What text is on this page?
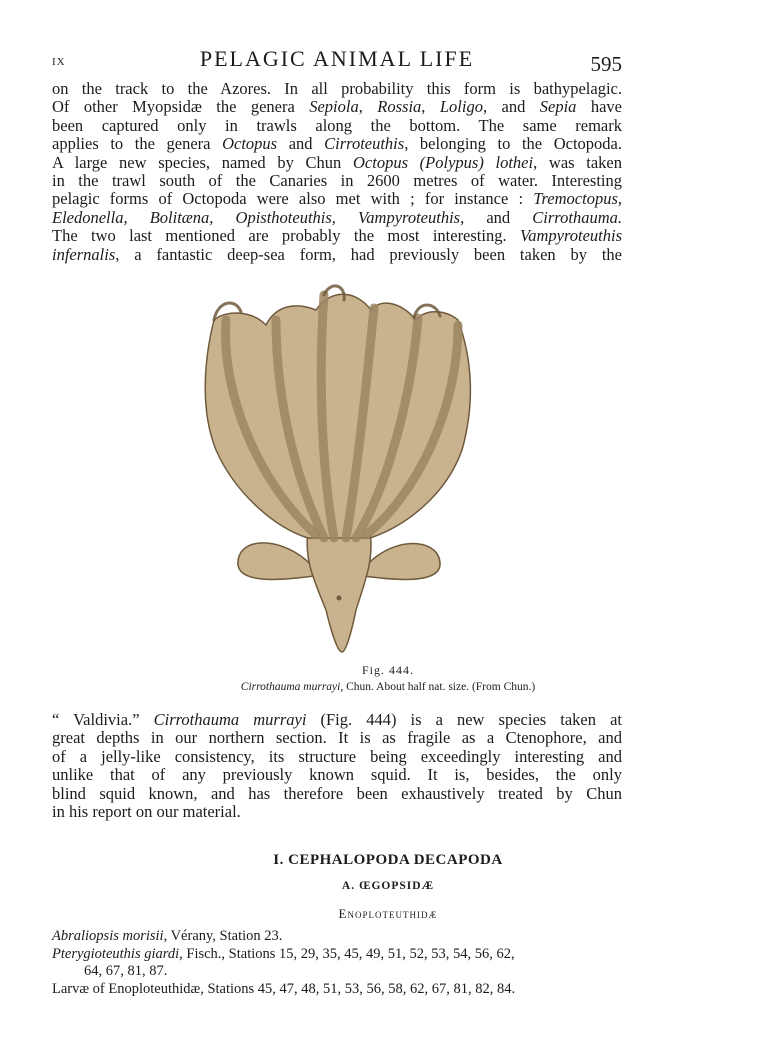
IX	PELAGIC ANIMAL LIFE	595
on the track to the Azores. In all probability this form is bathypelagic.
Of other Myopsidæ the genera Sepiola, Rossia, Loligo, and Sepia have
been captured only in trawls along the bottom. The same remark
applies to the genera Octopus and Cirroteuthis, belonging to the Octopoda.
A large new species, named by Chun Octopus (Polypus) lothei, was taken
in the trawl south of the Canaries in 2600 metres of water. Interesting
pelagic forms of Octopoda were also met with ; for instance : Tremoctopus,
Eledonella, Bolitæna, Opisthoteuthis, Vampyroteuthis, and Cirrothauma.
The two last mentioned are probably the most interesting. Vampyroteuthis
infernalis, a fantastic deep-sea form, had previously been taken by the
Fig. 444.
Cirrothauma murrayi, Chun. About half nat. size. (From Chun.)
“ Valdivia.” Cirrothauma murrayi (Fig. 444) is a new species taken at
great depths in our northern section. It is as fragile as a Ctenophore, and
of a jelly-like consistency, its structure being exceedingly interesting and
unlike that of any previously known squid. It is, besides, the only
blind squid known, and has therefore been exhaustively treated by Chun
in his report on our material.
I. CEPHALOPODA DECAPODA
A. ŒGOPSIDÆ
Enoploteuthidæ
Abraliopsis morisii, Vérany, Station 23.
Pterygioteuthis giardi, Fisch., Stations 15, 29, 35, 45, 49, 51, 52, 53, 54, 56, 62,
64, 67, 81, 87.
Larvæ of Enoploteuthidæ, Stations 45, 47, 48, 51, 53, 56, 58, 62, 67, 81, 82, 84.
